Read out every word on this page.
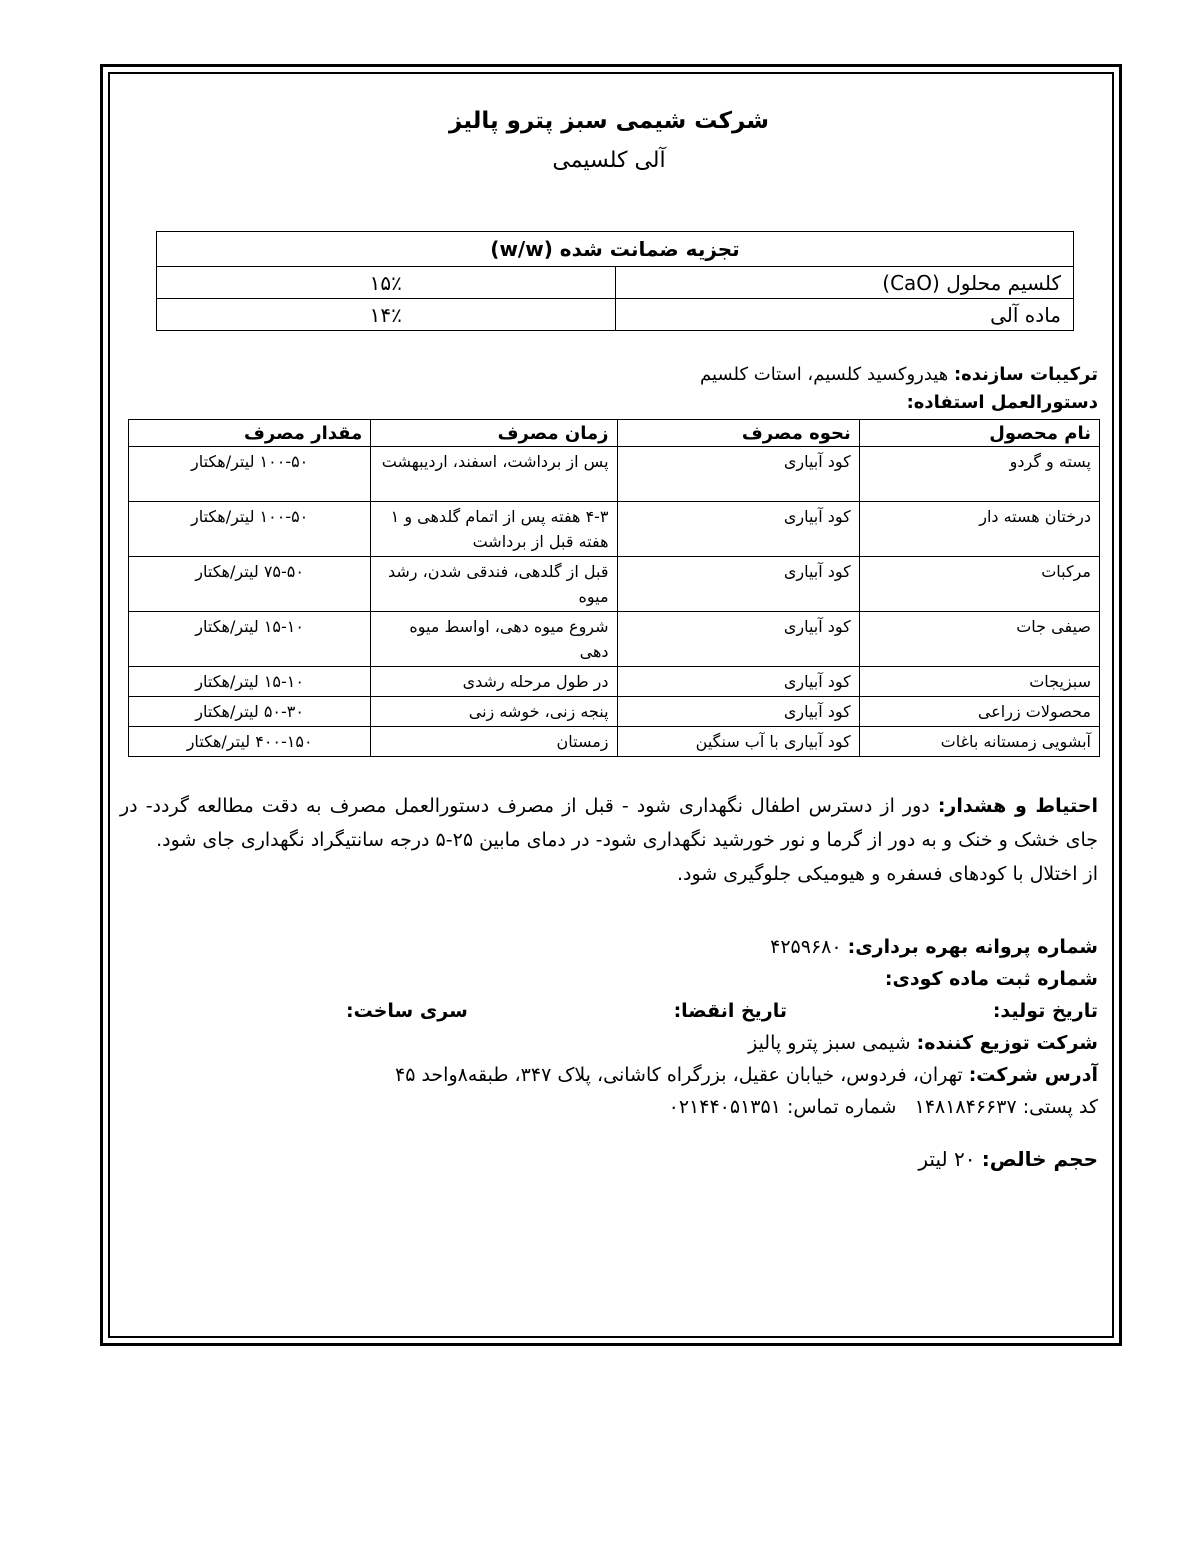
شرکت شیمی سبز پترو پالیز
آلی کلسیمی
تجزیه ضمانت شده (w/w)	
کلسیم محلول (CaO)	۱۵٪
ماده آلی	۱۴٪
ترکیبات سازنده: هیدروکسید کلسیم، استات کلسیم
دستورالعمل استفاده:
نام محصول	نحوه مصرف	زمان مصرف	مقدار مصرف
پسته و گردو	کود آبیاری	پس از برداشت، اسفند، اردیبهشت	۱۰۰-۵۰ لیتر/هکتار
درختان هسته دار	کود آبیاری	۴-۳ هفته پس از اتمام گلدهی و ۱ هفته قبل از برداشت	۱۰۰-۵۰ لیتر/هکتار
مرکبات	کود آبیاری	قبل از گلدهی، فندقی شدن، رشد میوه	۷۵-۵۰ لیتر/هکتار
صیفی جات	کود آبیاری	شروع میوه دهی، اواسط میوه دهی	۱۵-۱۰ لیتر/هکتار
سبزیجات	کود آبیاری	در طول مرحله رشدی	۱۵-۱۰ لیتر/هکتار
محصولات زراعی	کود آبیاری	پنجه زنی، خوشه زنی	۵۰-۳۰ لیتر/هکتار
آبشویی زمستانه باغات	کود آبیاری با آب سنگین	زمستان	۴۰۰-۱۵۰ لیتر/هکتار
احتیاط و هشدار: دور از دسترس اطفال نگهداری شود - قبل از مصرف دستورالعمل مصرف به دقت مطالعه گردد- در جای خشک و خنک و به دور از گرما و نور خورشید نگهداری شود- در دمای مابین ۲۵-۵ درجه سانتیگراد نگهداری جای شود.
از اختلال با کودهای فسفره و هیومیکی جلوگیری شود.
شماره پروانه بهره برداری: ۴۲۵۹۶۸۰
شماره ثبت ماده کودی:
تاریخ تولید:
تاریخ انقضا:
سری ساخت:
شرکت توزیع کننده: شیمی سبز پترو پالیز
آدرس شرکت: تهران، فردوس، خیابان عقیل، بزرگراه کاشانی، پلاک ۳۴۷، طبقه۸واحد ۴۵
کد پستی: ۱۴۸۱۸۴۶۶۳۷   شماره تماس: ۰۲۱۴۴۰۵۱۳۵۱
حجم خالص: ۲۰ لیتر
